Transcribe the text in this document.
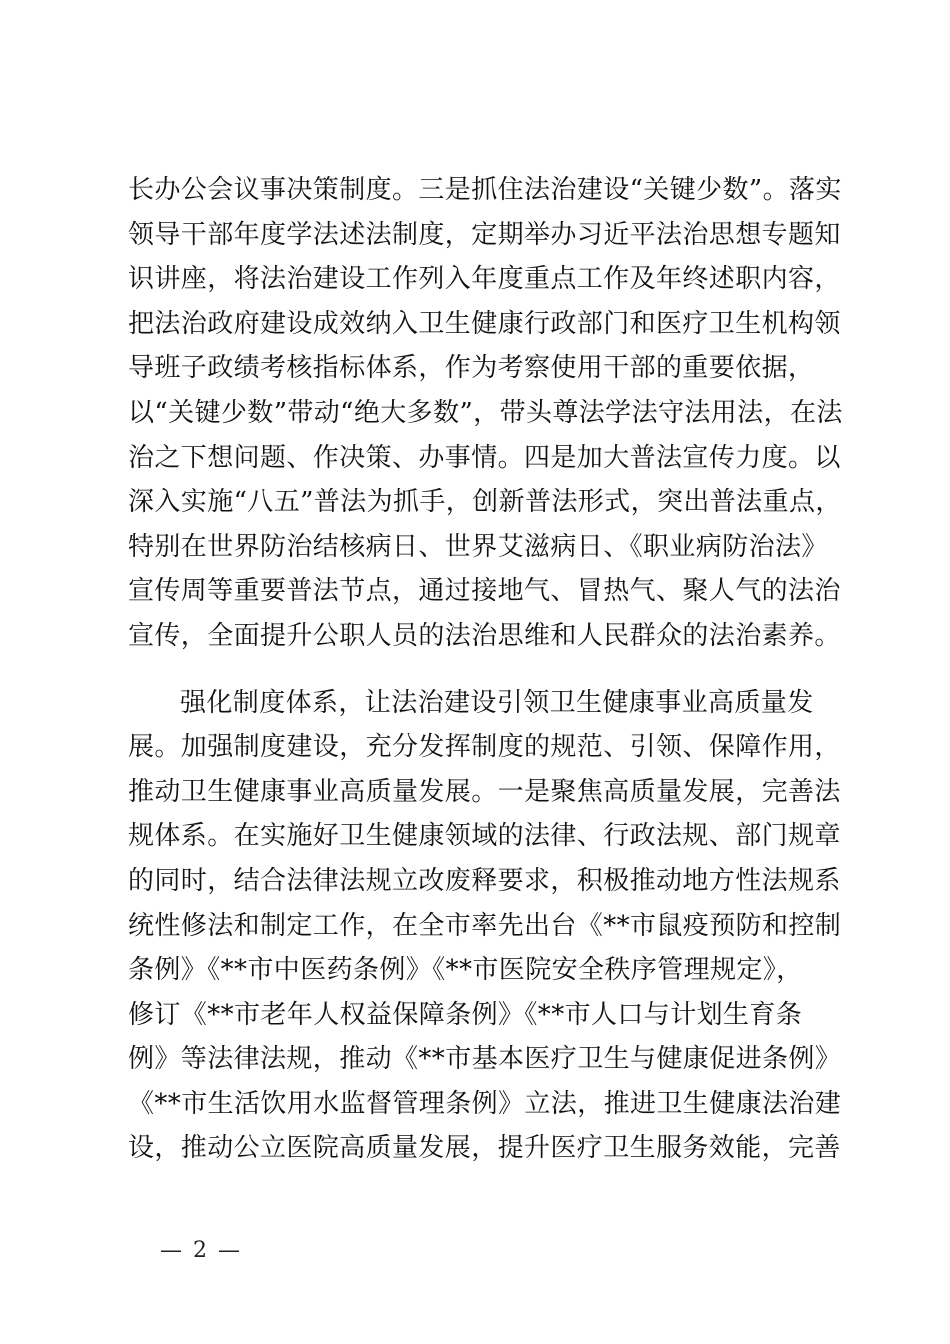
长办公会议事决策制度。三是抓住法治建设“关键少数”。落实
领导干部年度学法述法制度，定期举办习近平法治思想专题知
识讲座，将法治建设工作列入年度重点工作及年终述职内容，
把法治政府建设成效纳入卫生健康行政部门和医疗卫生机构领
导班子政绩考核指标体系，作为考察使用干部的重要依据，
以“关键少数”带动“绝大多数”，带头尊法学法守法用法，在法
治之下想问题、作决策、办事情。四是加大普法宣传力度。以
深入实施“八五”普法为抓手，创新普法形式，突出普法重点，
特别在世界防治结核病日、世界艾滋病日、《职业病防治法》
宣传周等重要普法节点，通过接地气、冒热气、聚人气的法治
宣传，全面提升公职人员的法治思维和人民群众的法治素养。
强化制度体系，让法治建设引领卫生健康事业高质量发
展。加强制度建设，充分发挥制度的规范、引领、保障作用，
推动卫生健康事业高质量发展。一是聚焦高质量发展，完善法
规体系。在实施好卫生健康领域的法律、行政法规、部门规章
的同时，结合法律法规立改废释要求，积极推动地方性法规系
统性修法和制定工作，在全市率先出台《**市鼠疫预防和控制
条例》《**市中医药条例》《**市医院安全秩序管理规定》，
修订《**市老年人权益保障条例》《**市人口与计划生育条
例》等法律法规，推动《**市基本医疗卫生与健康促进条例》
《**市生活饮用水监督管理条例》立法，推进卫生健康法治建
设，推动公立医院高质量发展，提升医疗卫生服务效能，完善
— 2 —
